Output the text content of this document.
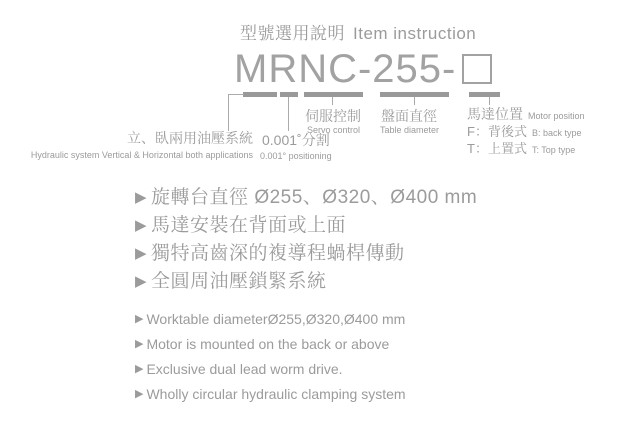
型號選用說明 Item instruction
MRNC-255-
立、臥兩用油壓系統
Hydraulic system Vertical & Horizontal both applications
0.001˚分割
0.001° positioning
伺服控制
Servo control
盤面直徑
Table diameter
馬達位置 Motor position
F：背後式 B: back type
T：上置式 T: Top type
▶ 旋轉台直徑 Ø255、Ø320、Ø400 mm
▶ 馬達安裝在背面或上面
▶ 獨特高齒深的複導程蝸桿傳動
▶ 全圓周油壓鎖緊系統
▶ Worktable diameterØ255,Ø320,Ø400 mm
▶ Motor is mounted on the back or above
▶ Exclusive dual lead worm drive.
▶ Wholly circular hydraulic clamping system
